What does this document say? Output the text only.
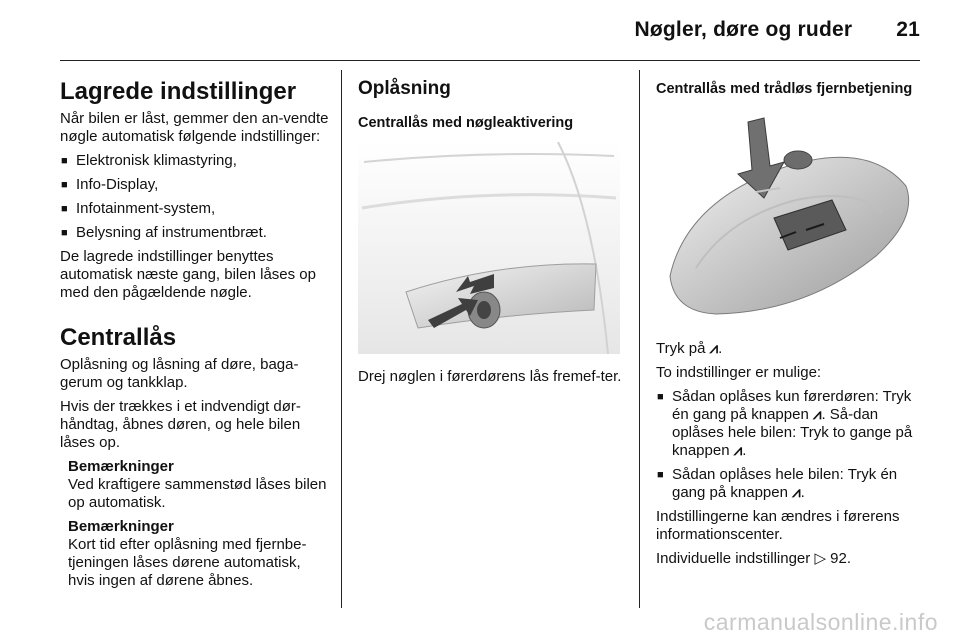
Nøgler, døre og ruder 21
Lagrede indstillinger

Når bilen er låst, gemmer den an-vendte nøgle automatisk følgende indstillinger:

■ Elektronisk klimastyring,
■ Info-Display,
■ Infotainment-system,
■ Belysning af instrumentbræt.

De lagrede indstillinger benyttes automatisk næste gang, bilen låses op med den pågældende nøgle.

Centrallås

Oplåsning og låsning af døre, baga-gerum og tankklap.

Hvis der trækkes i et indvendigt dør-håndtag, åbnes døren, og hele bilen låses op.

Bemærkninger
Ved kraftigere sammenstød låses bilen op automatisk.
Bemærkninger
Kort tid efter oplåsning med fjernbe-tjeningen låses dørene automatisk, hvis ingen af dørene åbnes.
Oplåsning
Centrallås med nøgleaktivering

Drej nøglen i førerdørens lås fremef-ter.

Centrallås med trådløs fjernbetjening

Tryk på ⩘.

To indstillinger er mulige:

■ Sådan oplåses kun førerdøren: Tryk én gang på knappen ⩘. Så-dan oplåses hele bilen: Tryk to gange på knappen ⩘.
■ Sådan oplåses hele bilen: Tryk én gang på knappen ⩘.

Indstillingerne kan ændres i førerens informationscenter.

Individuelle indstillinger ▷ 92.

carmanualsonline.info
